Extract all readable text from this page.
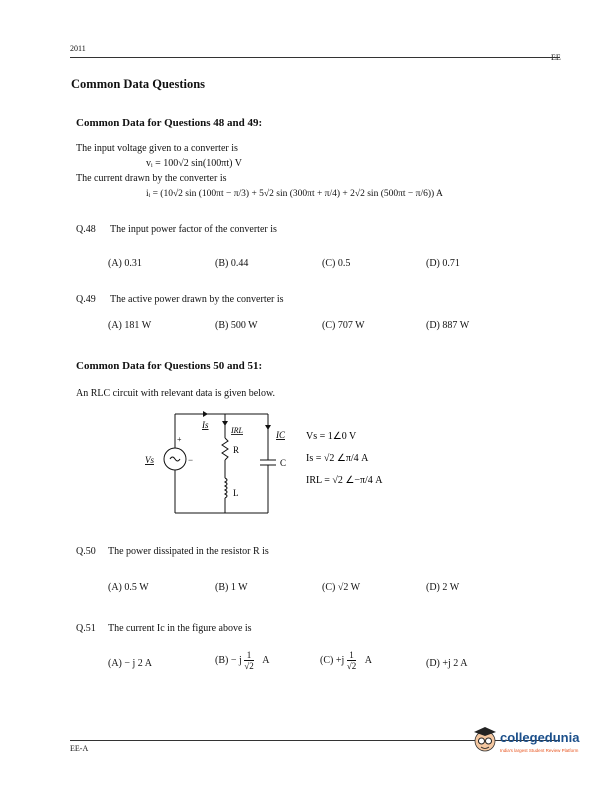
2011
Common Data Questions
Common Data for Questions 48 and 49:
The input voltage given to a converter is
vᵢ = 100√2 sin(100πt) V
The current drawn by the converter is
iᵢ = (10√2 sin (100πt − π/3) + 5√2 sin (300πt + π/4) + 2√2 sin (500πt − π/6)) A
Q.48 The input power factor of the converter is
(A) 0.31	(B) 0.44	(C) 0.5	(D) 0.71
Q.49 The active power drawn by the converter is
(A) 181 W	(B) 500 W	(C) 707 W	(D) 887 W
Common Data for Questions 50 and 51:
An RLC circuit with relevant data is given below.
+
−
Is
IRL	IC
Vs
R
L
C
Vs = 1∠0 V
Is = √2 ∠π/4 A
IRL = √2 ∠−π/4 A
Q.50 The power dissipated in the resistor R is
(A) 0.5 W	(B) 1 W	(C) √2 W	(D) 2 W
Q.51 The current Ic in the figure above is
(A) − j 2 A	(B) − j $\frac{1}{√2}$ A	$(C) +j \frac{1}{√2}$ A	(D) +j 2 A
EE-A
collegedunia
India's largest Student Review Platform
